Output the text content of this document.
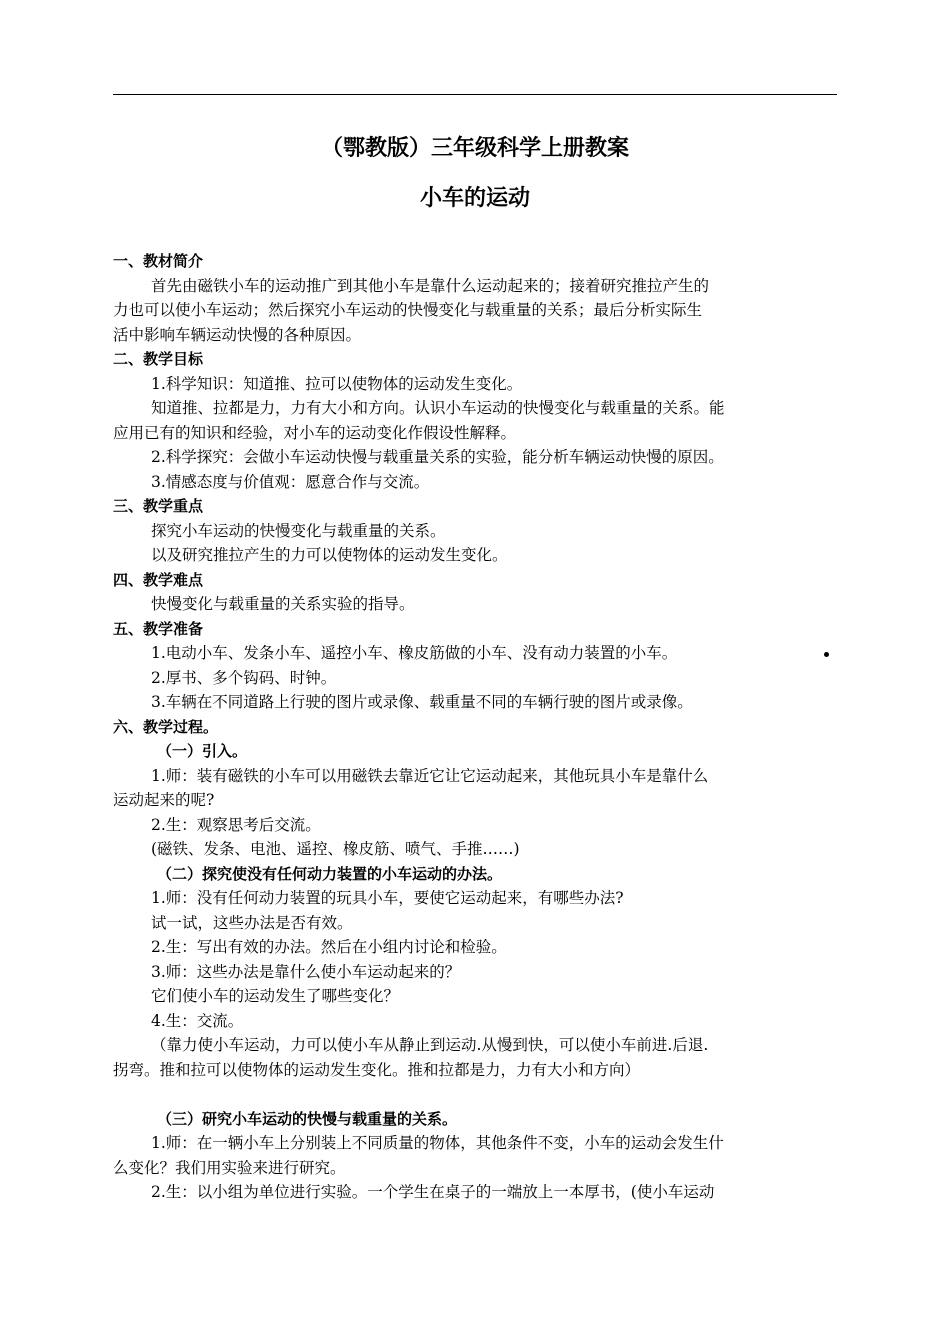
（鄂教版）三年级科学上册教案
小车的运动

一、教材简介

首先由磁铁小车的运动推广到其他小车是靠什么运动起来的；接着研究推拉产生的

力也可以使小车运动；然后探究小车运动的快慢变化与载重量的关系；最后分析实际生

活中影响车辆运动快慢的各种原因。

二、教学目标

1.科学知识：知道推、拉可以使物体的运动发生变化。

知道推、拉都是力，力有大小和方向。认识小车运动的快慢变化与载重量的关系。能

应用已有的知识和经验，对小车的运动变化作假设性解释。

2.科学探究：会做小车运动快慢与载重量关系的实验，能分析车辆运动快慢的原因。

3.情感态度与价值观：愿意合作与交流。

三、教学重点

探究小车运动的快慢变化与载重量的关系。

以及研究推拉产生的力可以使物体的运动发生变化。

四、教学难点

快慢变化与载重量的关系实验的指导。

五、教学准备

1.电动小车、发条小车、遥控小车、橡皮筋做的小车、没有动力装置的小车。

2.厚书、多个钩码、时钟。

3.车辆在不同道路上行驶的图片或录像、载重量不同的车辆行驶的图片或录像。

六、教学过程。

（一）引入。

1.师：装有磁铁的小车可以用磁铁去靠近它让它运动起来，其他玩具小车是靠什么

运动起来的呢?

2.生：观察思考后交流。

(磁铁、发条、电池、遥控、橡皮筋、喷气、手推……)

（二）探究使没有任何动力装置的小车运动的办法。

1.师：没有任何动力装置的玩具小车，要使它运动起来，有哪些办法?

试一试，这些办法是否有效。

2.生：写出有效的办法。然后在小组内讨论和检验。

3.师：这些办法是靠什么使小车运动起来的？

它们使小车的运动发生了哪些变化？

4.生：交流。

（靠力使小车运动，力可以使小车从静止到运动.从慢到快，可以使小车前进.后退.

拐弯。推和拉可以使物体的运动发生变化。推和拉都是力，力有大小和方向）

（三）研究小车运动的快慢与载重量的关系。

1.师：在一辆小车上分别装上不同质量的物体，其他条件不变，小车的运动会发生什

么变化？我们用实验来进行研究。

2.生：以小组为单位进行实验。一个学生在桌子的一端放上一本厚书，(使小车运动
